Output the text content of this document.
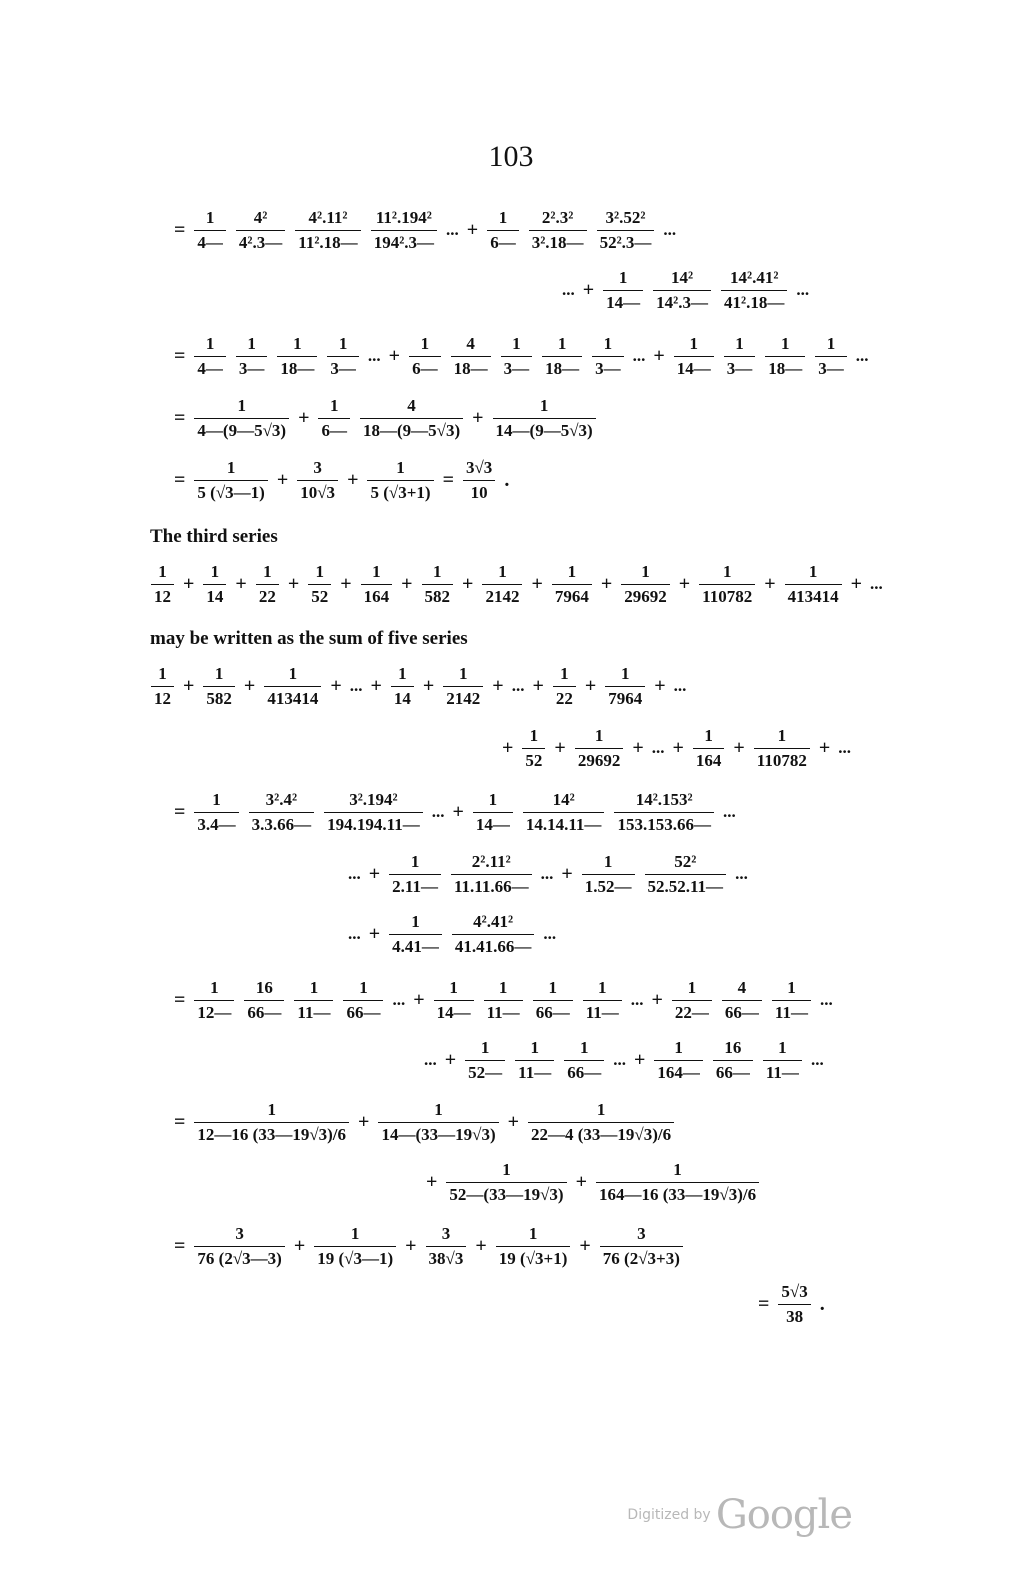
103
= $\frac{1}{4—}$
$\frac{\text{4²}}{\text{4².3—}}$
$\frac{\text{4².11²}}{\text{11².18—}}$
$\frac{\text{11².194²}}{\text{194².3—}}$ ... + $\frac{1}{6—}$
$\frac{\text{2².3²}}{\text{3².18—}}$
$\frac{\text{3².52²}}{\text{52².3—}}$ ...
... + $\frac{1}{14—}$
$\frac{\text{14²}}{\text{14².3—}}$
$\frac{\text{14².41²}}{\text{41².18—}}$ ...
= $\frac{1}{4—}$
$\frac{1}{3—}$
$\frac{1}{18—}$
$\frac{1}{3—}$ ... + $\frac{1}{6—}$
$\frac{4}{18—}$
$\frac{1}{3—}$
$\frac{1}{18—}$
$\frac{1}{3—}$ ... + $\frac{1}{14—}$
$\frac{1}{3—}$
$\frac{1}{18—}$
$\frac{1}{3—}$ ...
= $\frac{1}{4—(9—5√3)} + \frac{1}{6—}$
$\frac{4}{18—(9—5√3)} + \frac{1}{14—(9—5√3)}$
= $\frac{1}{5 (√3—1)} + \frac{3}{10√3} + \frac{1}{5 (√3+1)} = \frac{3√3}{10}$ .
The third series
$\frac{1}{12} + \frac{1}{14} + \frac{1}{22} + \frac{1}{52} + \frac{1}{164} + \frac{1}{582} + \frac{1}{2142} + \frac{1}{7964} + \frac{1}{29692} + \frac{1}{110782} + \frac{1}{413414}$ + ...
may be written as the sum of five series
$\frac{1}{12} + \frac{1}{582} + \frac{1}{413414}$ + ... + $\frac{1}{14} + \frac{1}{2142}$ + ... + $\frac{1}{22} + \frac{1}{7964}$ + ...
+ $\frac{1}{52} + \frac{1}{29692}$ + ... + $\frac{1}{164} + \frac{1}{110782}$ + ...
= $\frac{1}{3.4—}$
$\frac{\text{3².4²}}{3.3.66—}$
$\frac{\text{3².194²}}{194.194.11—}$ ... + $\frac{1}{14—}$
$\frac{\text{14²}}{14.14.11—}$
$\frac{\text{14².153²}}{153.153.66—}$ ...
... + $\frac{1}{2.11—}$
$\frac{\text{2².11²}}{11.11.66—}$ ... + $\frac{1}{1.52—}$
$\frac{\text{52²}}{52.52.11—}$ ...
... + $\frac{1}{4.41—}$
$\frac{\text{4².41²}}{41.41.66—}$ ...
= $\frac{1}{12—}$
$\frac{16}{66—}$
$\frac{1}{11—}$
$\frac{1}{66—}$ ... + $\frac{1}{14—}$
$\frac{1}{11—}$
$\frac{1}{66—}$
$\frac{1}{11—}$ ... + $\frac{1}{22—}$
$\frac{4}{66—}$
$\frac{1}{11—}$ ...
... + $\frac{1}{52—}$
$\frac{1}{11—}$
$\frac{1}{66—}$ ... + $\frac{1}{164—}$
$\frac{16}{66—}$
$\frac{1}{11—}$ ...
= $\frac{1}{12—16 (33—19√3)/6} + \frac{1}{14—(33—19√3)} + \frac{1}{22—4 (33—19√3)/6}$
+ $\frac{1}{52—(33—19√3)} + \frac{1}{164—16 (33—19√3)/6}$
= $\frac{3}{76 (2√3—3)} + \frac{1}{19 (√3—1)} + \frac{3}{38√3} + \frac{1}{19 (√3+1)} + \frac{3}{76 (2√3+3)}$
= $\frac{5√3}{38}$ .
Digitized by Google
